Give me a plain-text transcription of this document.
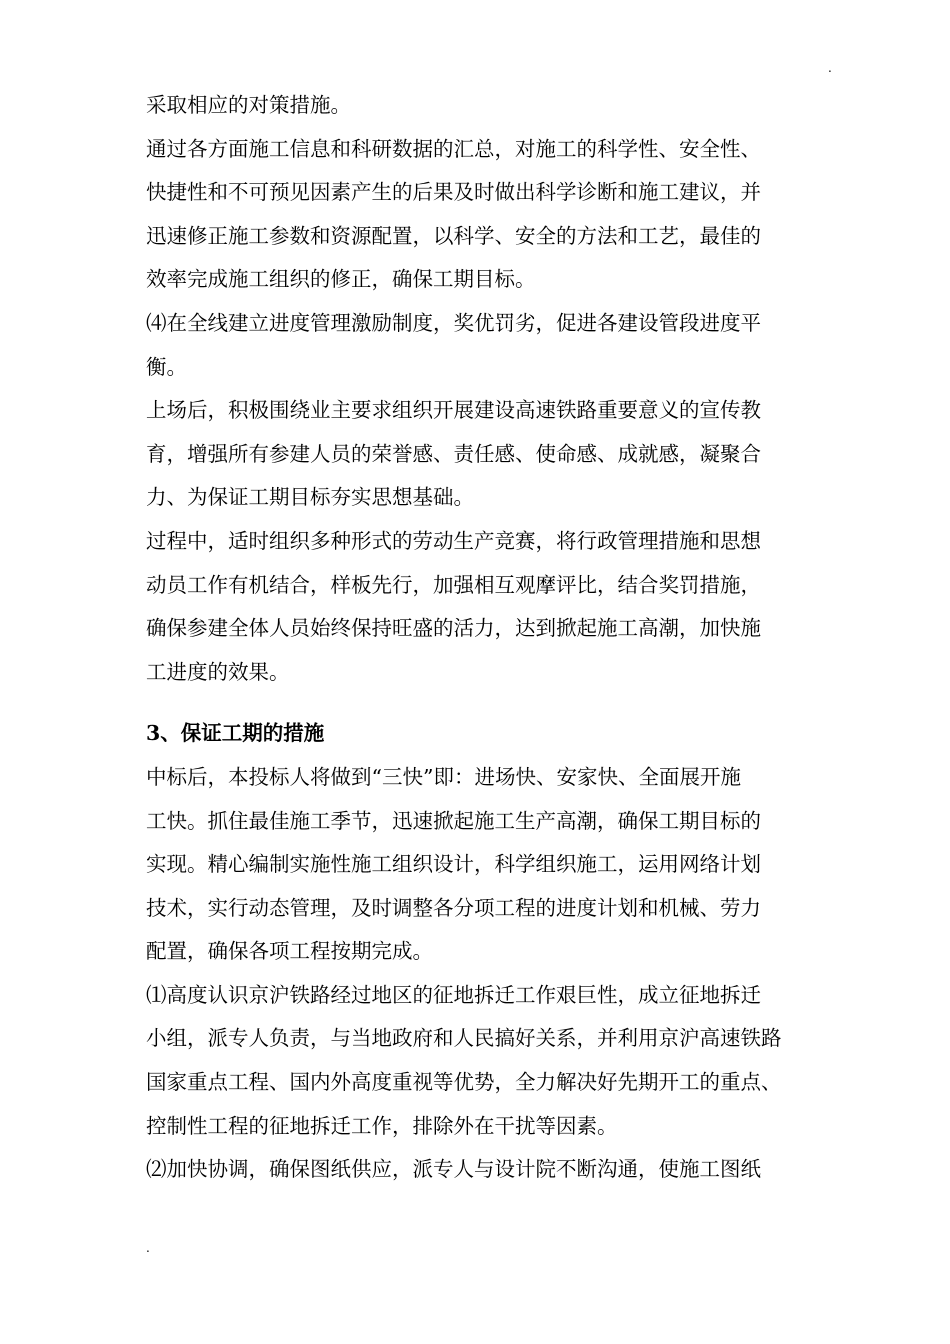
.
采取相应的对策措施。
通过各方面施工信息和科研数据的汇总，对施工的科学性、安全性、
快捷性和不可预见因素产生的后果及时做出科学诊断和施工建议，并
迅速修正施工参数和资源配置，以科学、安全的方法和工艺，最佳的
效率完成施工组织的修正，确保工期目标。
⑷在全线建立进度管理激励制度，奖优罚劣，促进各建设管段进度平
衡。
上场后，积极围绕业主要求组织开展建设高速铁路重要意义的宣传教
育，增强所有参建人员的荣誉感、责任感、使命感、成就感，凝聚合
力、为保证工期目标夯实思想基础。
过程中，适时组织多种形式的劳动生产竞赛，将行政管理措施和思想
动员工作有机结合，样板先行，加强相互观摩评比，结合奖罚措施，
确保参建全体人员始终保持旺盛的活力，达到掀起施工高潮，加快施
工进度的效果。
3、保证工期的措施
中标后，本投标人将做到“三快”即：进场快、安家快、全面展开施
工快。抓住最佳施工季节，迅速掀起施工生产高潮，确保工期目标的
实现。精心编制实施性施工组织设计，科学组织施工，运用网络计划
技术，实行动态管理，及时调整各分项工程的进度计划和机械、劳力
配置，确保各项工程按期完成。
⑴高度认识京沪铁路经过地区的征地拆迁工作艰巨性，成立征地拆迁
小组，派专人负责，与当地政府和人民搞好关系，并利用京沪高速铁路
国家重点工程、国内外高度重视等优势，全力解决好先期开工的重点、
控制性工程的征地拆迁工作，排除外在干扰等因素。
⑵加快协调，确保图纸供应，派专人与设计院不断沟通，使施工图纸
.
